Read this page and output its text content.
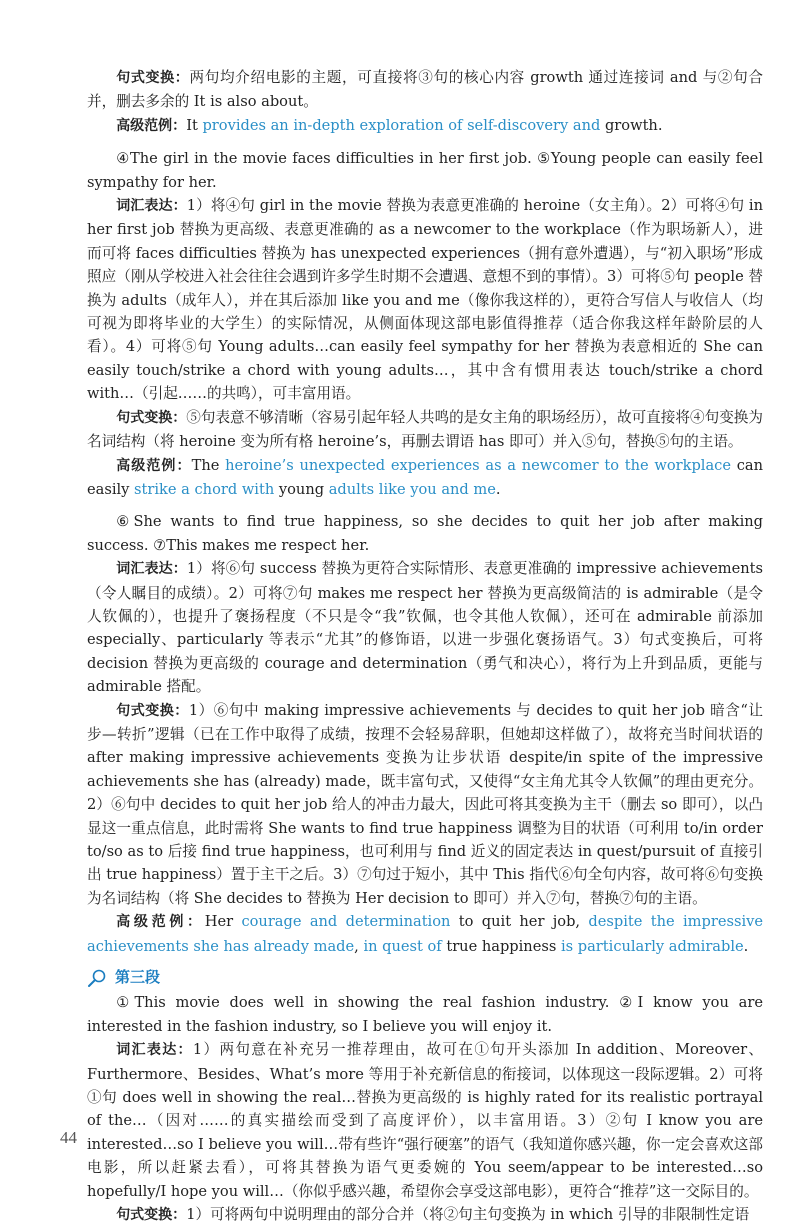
句式变换：两句均介绍电影的主题，可直接将③句的核心内容 growth 通过连接词 and 与②句合并，删去多余的 It is also about。

高级范例：It provides an in-depth exploration of self-discovery and growth.

④The girl in the movie faces difficulties in her first job. ⑤Young people can easily feel sympathy for her.

词汇表达：1）将④句 girl in the movie 替换为表意更准确的 heroine（女主角）。2）可将④句 in her first job 替换为更高级、表意更准确的 as a newcomer to the workplace（作为职场新人），进而可将 faces difficulties 替换为 has unexpected experiences（拥有意外遭遇），与“初入职场”形成照应（刚从学校进入社会往往会遇到许多学生时期不会遭遇、意想不到的事情）。3）可将⑤句 people 替换为 adults（成年人），并在其后添加 like you and me（像你我这样的），更符合写信人与收信人（均可视为即将毕业的大学生）的实际情况，从侧面体现这部电影值得推荐（适合你我这样年龄阶层的人看）。4）可将⑤句 Young adults…can easily feel sympathy for her 替换为表意相近的 She can easily touch/strike a chord with young adults…，其中含有惯用表达 touch/strike a chord with…（引起……的共鸣），可丰富用语。

句式变换：⑤句表意不够清晰（容易引起年轻人共鸣的是女主角的职场经历），故可直接将④句变换为名词结构（将 heroine 变为所有格 heroine’s，再删去谓语 has 即可）并入⑤句，替换⑤句的主语。

高级范例：The heroine’s unexpected experiences as a newcomer to the workplace can easily strike a chord with young adults like you and me.

⑥She wants to find true happiness, so she decides to quit her job after making success. ⑦This makes me respect her.

词汇表达：1）将⑥句 success 替换为更符合实际情形、表意更准确的 impressive achievements（令人瞩目的成绩）。2）可将⑦句 makes me respect her 替换为更高级简洁的 is admirable（是令人钦佩的），也提升了褒扬程度（不只是令“我”钦佩，也令其他人钦佩），还可在 admirable 前添加 especially、particularly 等表示“尤其”的修饰语，以进一步强化褒扬语气。3）句式变换后，可将 decision 替换为更高级的 courage and determination（勇气和决心），将行为上升到品质，更能与 admirable 搭配。

句式变换：1）⑥句中 making impressive achievements 与 decides to quit her job 暗含“让步—转折”逻辑（已在工作中取得了成绩，按理不会轻易辞职，但她却这样做了），故将充当时间状语的 after making impressive achievements 变换为让步状语 despite/in spite of the impressive achievements she has (already) made，既丰富句式，又使得“女主角尤其令人钦佩”的理由更充分。2）⑥句中 decides to quit her job 给人的冲击力最大，因此可将其变换为主干（删去 so 即可），以凸显这一重点信息，此时需将 She wants to find true happiness 调整为目的状语（可利用 to/in order to/so as to 后接 find true happiness，也可利用与 find 近义的固定表达 in quest/pursuit of 直接引出 true happiness）置于主干之后。3）⑦句过于短小，其中 This 指代⑥句全句内容，故可将⑥句变换为名词结构（将 She decides to 替换为 Her decision to 即可）并入⑦句，替换⑦句的主语。

高级范例：Her courage and determination to quit her job, despite the impressive achievements she has already made, in quest of true happiness is particularly admirable.

第三段

①This movie does well in showing the real fashion industry. ②I know you are interested in the fashion industry, so I believe you will enjoy it.

词汇表达：1）两句意在补充另一推荐理由，故可在①句开头添加 In addition、Moreover、Furthermore、Besides、What’s more 等用于补充新信息的衔接词，以体现这一段际逻辑。2）可将①句 does well in showing the real…替换为更高级的 is highly rated for its realistic portrayal of the…（因对……的真实描绘而受到了高度评价），以丰富用语。3）②句 I know you are interested…so I believe you will…带有些许“强行硬塞”的语气（我知道你感兴趣，你一定会喜欢这部电影，所以赶紧去看），可将其替换为语气更委婉的 You seem/appear to be interested…so hopefully/I hope you will…（你似乎感兴趣，希望你会享受这部电影），更符合“推荐”这一交际目的。

句式变换：1）可将两句中说明理由的部分合并（将②句主句变换为 in which 引导的非限制性定语

44
